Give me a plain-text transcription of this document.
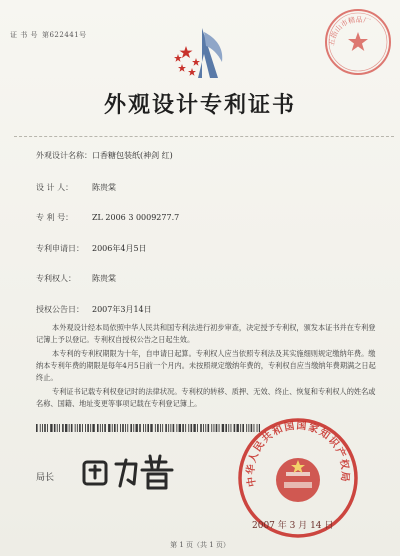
证 书 号 第622441号
五指山市精品厂
外观设计专利证书
外观设计名称：口香糖包装纸(神剑 红)
设 计 人： 陈贵棠
专 利 号： ZL 2006 3 0009277.7
专利申请日： 2006年4月5日
专利权人： 陈贵棠
授权公告日： 2007年3月14日

本外观设计经本局依照中华人民共和国专利法进行初步审查，决定授予专利权，颁发本证书并在专利登记簿上予以登记。专利权自授权公告之日起生效。

本专利的专利权期限为十年，自申请日起算。专利权人应当依照专利法及其实施细则规定缴纳年费。缴纳本专利年费的期限是每年4月5日前一个月内。未按照规定缴纳年费的，专利权自应当缴纳年费期满之日起终止。

专利证书记载专利权登记时的法律状况。专利权的转移、质押、无效、终止、恢复和专利权人的姓名或名称、国籍、地址变更等事项记载在专利登记簿上。

局长	中华人民共和国国家知识产权局
2007 年 3 月 14 日
第 1 页（共 1 页）
